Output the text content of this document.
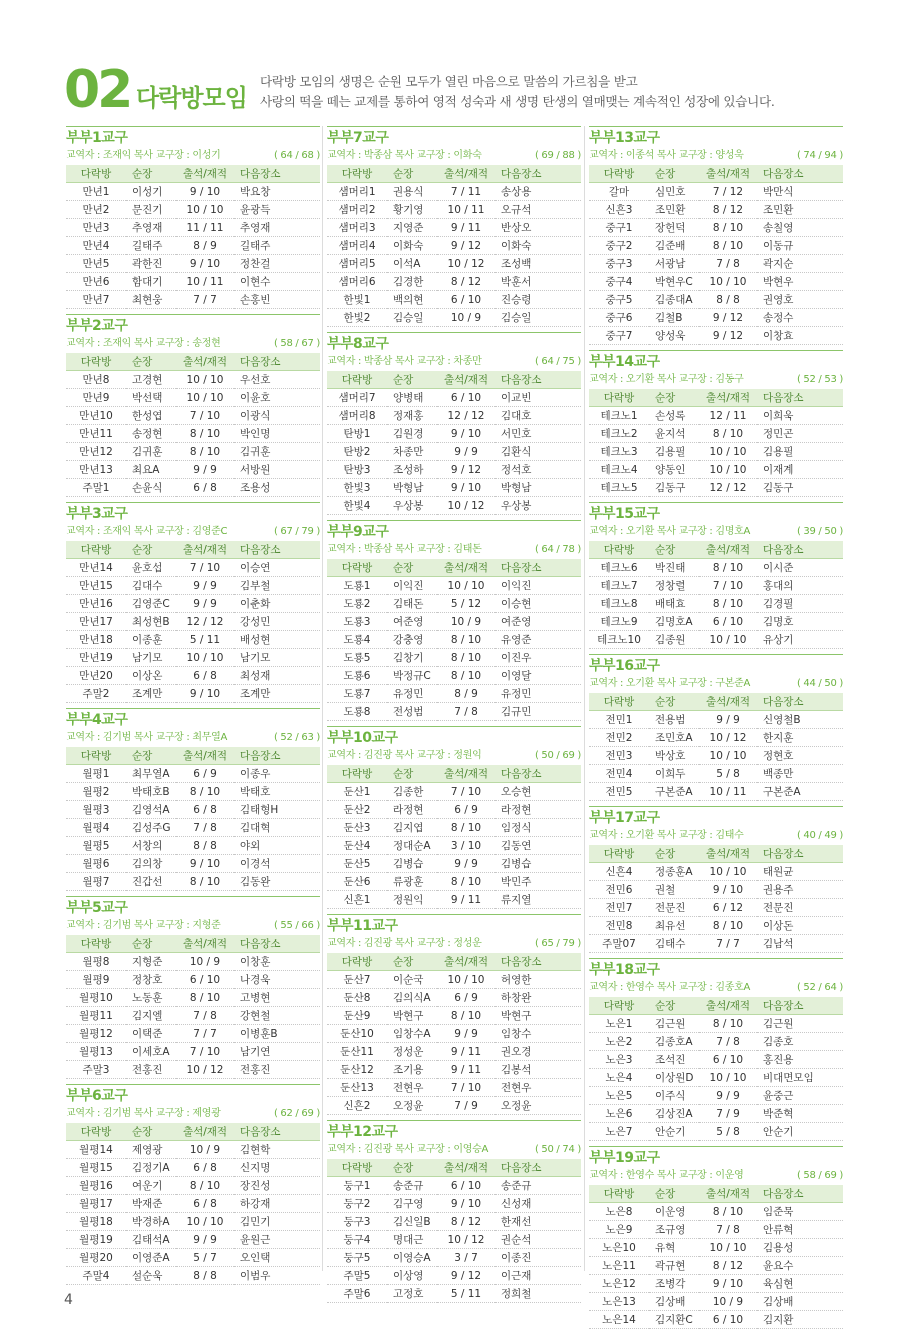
02 다락방모임
다락방 모임의 생명은 순원 모두가 열린 마음으로 말씀의 가르침을 받고
사랑의 떡을 떼는 교제를 통하여 영적 성숙과 새 생명 탄생의 열매맺는 계속적인 성장에 있습니다.
부부1교구
교역자 : 조재익 목사 교구장 : 이성기	( 64 / 68 )
다락방	순장	출석/재적	다음장소
만년1	이성기	9 / 10	박요창
만년2	문진기	10 / 10	윤광득
만년3	추영재	11 / 11	추영재
만년4	길태주	8 / 9	길태주
만년5	곽한진	9 / 10	정찬걸
만년6	함대기	10 / 11	이현수
만년7	최현웅	7 / 7	손홍빈
부부2교구
교역자 : 조재익 목사 교구장 : 송정현	( 58 / 67 )
다락방	순장	출석/재적	다음장소
만년8	고경현	10 / 10	우선호
만년9	박선택	10 / 10	이윤호
만년10	한성엽	7 / 10	이광식
만년11	송정현	8 / 10	박인명
만년12	김귀훈	8 / 10	김귀훈
만년13	최요A	9 / 9	서방원
주말1	손윤식	6 / 8	조용성
부부3교구
교역자 : 조재익 목사 교구장 : 김영준C	( 67 / 79 )
다락방	순장	출석/재적	다음장소
만년14	윤호섭	7 / 10	이승연
만년15	김대수	9 / 9	김부철
만년16	김영준C	9 / 9	이춘화
만년17	최성현B	12 / 12	강성민
만년18	이종훈	5 / 11	배성현
만년19	남기모	10 / 10	남기모
만년20	이상온	6 / 8	최성재
주말2	조계만	9 / 10	조계만
부부4교구
교역자 : 김기범 목사 교구장 : 최무열A	( 52 / 63 )
다락방	순장	출석/재적	다음장소
월평1	최무열A	6 / 9	이종우
월평2	박태호B	8 / 10	박태호
월평3	김영석A	6 / 8	김태형H
월평4	김성주G	7 / 8	김대혁
월평5	서창의	8 / 8	야외
월평6	김의창	9 / 10	이경석
월평7	진갑선	8 / 10	김동완
부부5교구
교역자 : 김기범 목사 교구장 : 지형준	( 55 / 66 )
다락방	순장	출석/재적	다음장소
월평8	지형준	10 / 9	이창훈
월평9	정창호	6 / 10	나경욱
월평10	노동훈	8 / 10	고병현
월평11	김지엘	7 / 8	강현철
월평12	이택준	7 / 7	이병훈B
월평13	이세호A	7 / 10	남기연
주말3	전홍진	10 / 12	전홍진
부부6교구
교역자 : 김기범 목사 교구장 : 제영광	( 62 / 69 )
다락방	순장	출석/재적	다음장소
월평14	제영광	10 / 9	김현학
월평15	김정기A	6 / 8	신지명
월평16	여운기	8 / 10	장진성
월평17	박재준	6 / 8	하강재
월평18	박경하A	10 / 10	김민기
월평19	김태석A	9 / 9	윤원근
월평20	이영준A	5 / 7	오인택
주말4	설순욱	8 / 8	이범우
부부7교구
교역자 : 박종삼 목사 교구장 : 이화숙	( 69 / 88 )
다락방	순장	출석/재적	다음장소
샘머리1	권용식	7 / 11	송상용
샘머리2	황기영	10 / 11	오규석
샘머리3	지영준	9 / 11	반상오
샘머리4	이화숙	9 / 12	이화숙
샘머리5	이석A	10 / 12	조성백
샘머리6	김경한	8 / 12	박훈서
한빛1	백의현	6 / 10	진승령
한빛2	김승일	10 / 9	김승일
부부8교구
교역자 : 박종삼 목사 교구장 : 차종만	( 64 / 75 )
다락방	순장	출석/재적	다음장소
샘머리7	양병태	6 / 10	이교빈
샘머리8	정재홍	12 / 12	김대호
탄방1	김원경	9 / 10	서민호
탄방2	차종만	9 / 9	김환식
탄방3	조성하	9 / 12	정석호
한빛3	박형남	9 / 10	박형남
한빛4	우상봉	10 / 12	우상봉
부부9교구
교역자 : 박종삼 목사 교구장 : 김태돈	( 64 / 78 )
다락방	순장	출석/재적	다음장소
도룡1	이익진	10 / 10	이익진
도룡2	김태돈	5 / 12	이승현
도룡3	여준영	10 / 9	여준영
도룡4	강충영	8 / 10	유영준
도룡5	김창기	8 / 10	이진우
도룡6	박정규C	8 / 10	이영달
도룡7	유정민	8 / 9	유정민
도룡8	전성범	7 / 8	김규민
부부10교구
교역자 : 김진광 목사 교구장 : 정원익	( 50 / 69 )
다락방	순장	출석/재적	다음장소
둔산1	김종한	7 / 10	오승현
둔산2	라정현	6 / 9	라정현
둔산3	김지엽	8 / 10	임정식
둔산4	정대순A	3 / 10	김동연
둔산5	김병습	9 / 9	김병습
둔산6	류광훈	8 / 10	박민주
신흔1	정원익	9 / 11	류지열
부부11교구
교역자 : 김진광 목사 교구장 : 정성운	( 65 / 79 )
다락방	순장	출석/재적	다음장소
둔산7	이순국	10 / 10	허영한
둔산8	김의식A	6 / 9	하창완
둔산9	박현구	8 / 10	박현구
둔산10	임창수A	9 / 9	임창수
둔산11	정성운	9 / 11	권오경
둔산12	조기용	9 / 11	김봉석
둔산13	전현우	7 / 10	전현우
신흔2	오정윤	7 / 9	오정윤
부부12교구
교역자 : 김진광 목사 교구장 : 이영승A	( 50 / 74 )
다락방	순장	출석/재적	다음장소
둥구1	송준규	6 / 10	송준규
둥구2	김구영	9 / 10	신성재
둥구3	김신일B	8 / 12	한재선
둥구4	명대근	10 / 12	권순석
둥구5	이영승A	3 / 7	이종진
주말5	이상영	9 / 12	이근재
주말6	고정호	5 / 11	정희철
부부13교구
교역자 : 이종석 목사 교구장 : 양성욱	( 74 / 94 )
다락방	순장	출석/재적	다음장소
갈마	심민호	7 / 12	박만식
신흔3	조민환	8 / 12	조민환
중구1	장헌덕	8 / 10	송칠영
중구2	김준배	8 / 10	이동규
중구3	서광남	7 / 8	곽지순
중구4	박현우C	10 / 10	박현우
중구5	김종대A	8 / 8	권영호
중구6	김철B	9 / 12	송정수
중구7	양성욱	9 / 12	이창효
부부14교구
교역자 : 오기환 목사 교구장 : 김동구	( 52 / 53 )
다락방	순장	출석/재적	다음장소
테크노1	손성록	12 / 11	이희욱
테크노2	윤지석	8 / 10	정민곤
테크노3	김용필	10 / 10	김용필
테크노4	양동인	10 / 10	이재계
테크노5	김동구	12 / 12	김동구
부부15교구
교역자 : 오기환 목사 교구장 : 김명호A	( 39 / 50 )
다락방	순장	출석/재적	다음장소
테크노6	박진태	8 / 10	이시준
테크노7	정창렬	7 / 10	홍대의
테크노8	배태효	8 / 10	김경필
테크노9	김명호A	6 / 10	김명호
테크노10	김종원	10 / 10	유상기
부부16교구
교역자 : 오기환 목사 교구장 : 구본준A	( 44 / 50 )
다락방	순장	출석/재적	다음장소
전민1	전용범	9 / 9	신영철B
전민2	조민호A	10 / 12	한지훈
전민3	박상호	10 / 10	정현호
전민4	이희두	5 / 8	백종만
전민5	구본준A	10 / 11	구본준A
부부17교구
교역자 : 오기환 목사 교구장 : 김태수	( 40 / 49 )
다락방	순장	출석/재적	다음장소
신흔4	정종훈A	10 / 10	태원균
전민6	권철	9 / 10	권용주
전민7	전문진	6 / 12	전문진
전민8	최유선	8 / 10	이상돈
주말07	김태수	7 / 7	김남석
부부18교구
교역자 : 한영수 목사 교구장 : 김종호A	( 52 / 64 )
다락방	순장	출석/재적	다음장소
노은1	김근원	8 / 10	김근원
노은2	김종호A	7 / 8	김종호
노은3	조석진	6 / 10	홍진용
노은4	이상원D	10 / 10	비대면모임
노은5	이주식	9 / 9	윤중근
노은6	김상진A	7 / 9	박준혁
노은7	안순기	5 / 8	안순기
부부19교구
교역자 : 한영수 목사 교구장 : 이운영	( 58 / 69 )
다락방	순장	출석/재적	다음장소
노은8	이운영	8 / 10	임준묵
노은9	조규영	7 / 8	안류혁
노은10	유혁	10 / 10	김용성
노은11	곽규현	8 / 12	윤요수
노은12	조병각	9 / 10	육심현
노은13	김상배	10 / 9	김상배
노은14	김지환C	6 / 10	김지환
4
